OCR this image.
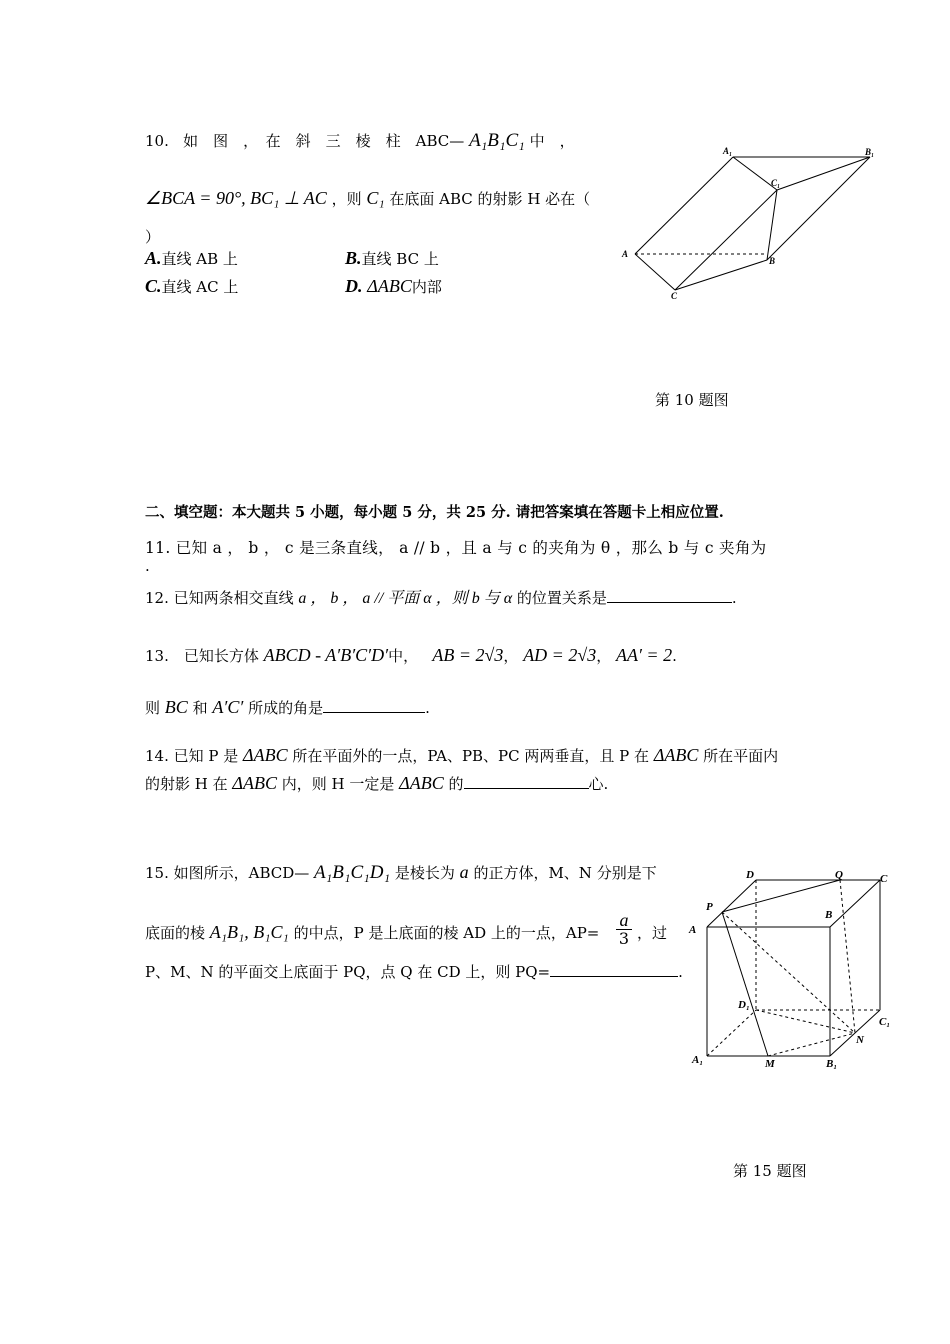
10. 如　图　，　在　斜　三　棱　柱　ABC— A₁B₁C₁ 中　，
∠BCA = 90°, BC₁ ⊥ AC ，则 C₁ 在底面 ABC 的射影 H 必在（
）
A.直线 AB 上	B.直线 BC 上
C.直线 AC 上	D. ΔABC内部
A₁	B₁
C₁
A
B
C
第 10 题图
二、填空题：本大题共 5 小题，每小题 5 分，共 25 分. 请把答案填在答题卡上相应位置.
11. 已知 a ， b ， c 是三条直线， a // b ，且 a 与 c 的夹角为 θ ，那么 b 与 c 夹角为
.
12. 已知两条相交直线 a ， b ， a // 平面 α ，则 b 与 α 的位置关系是	.
13.　已知长方体 ABCD - A′B′C′D′中， AB = 2√3， AD = 2√3， AA′ = 2.
则 BC 和 A′C′ 所成的角是	.
14. 已知 P 是 ΔABC 所在平面外的一点，PA、PB、PC 两两垂直，且 P 在 ΔABC 所在平面内
的射影 H 在 ΔABC 内，则 H 一定是 ΔABC 的	心.
15. 如图所示，ABCD— A₁B₁C₁D₁ 是棱长为 a 的正方体，M、N 分别是下
底面的棱 A₁B₁, B₁C₁ 的中点，P 是上底面的棱 AD 上的一点，AP=
a
3 ，过
P、M、N 的平面交上底面于 PQ，点 Q 在 CD 上，则 PQ=	.
D	Q	C
P
B
A
D₁
C₁
N
A₁	M	B₁
第 15 题图
